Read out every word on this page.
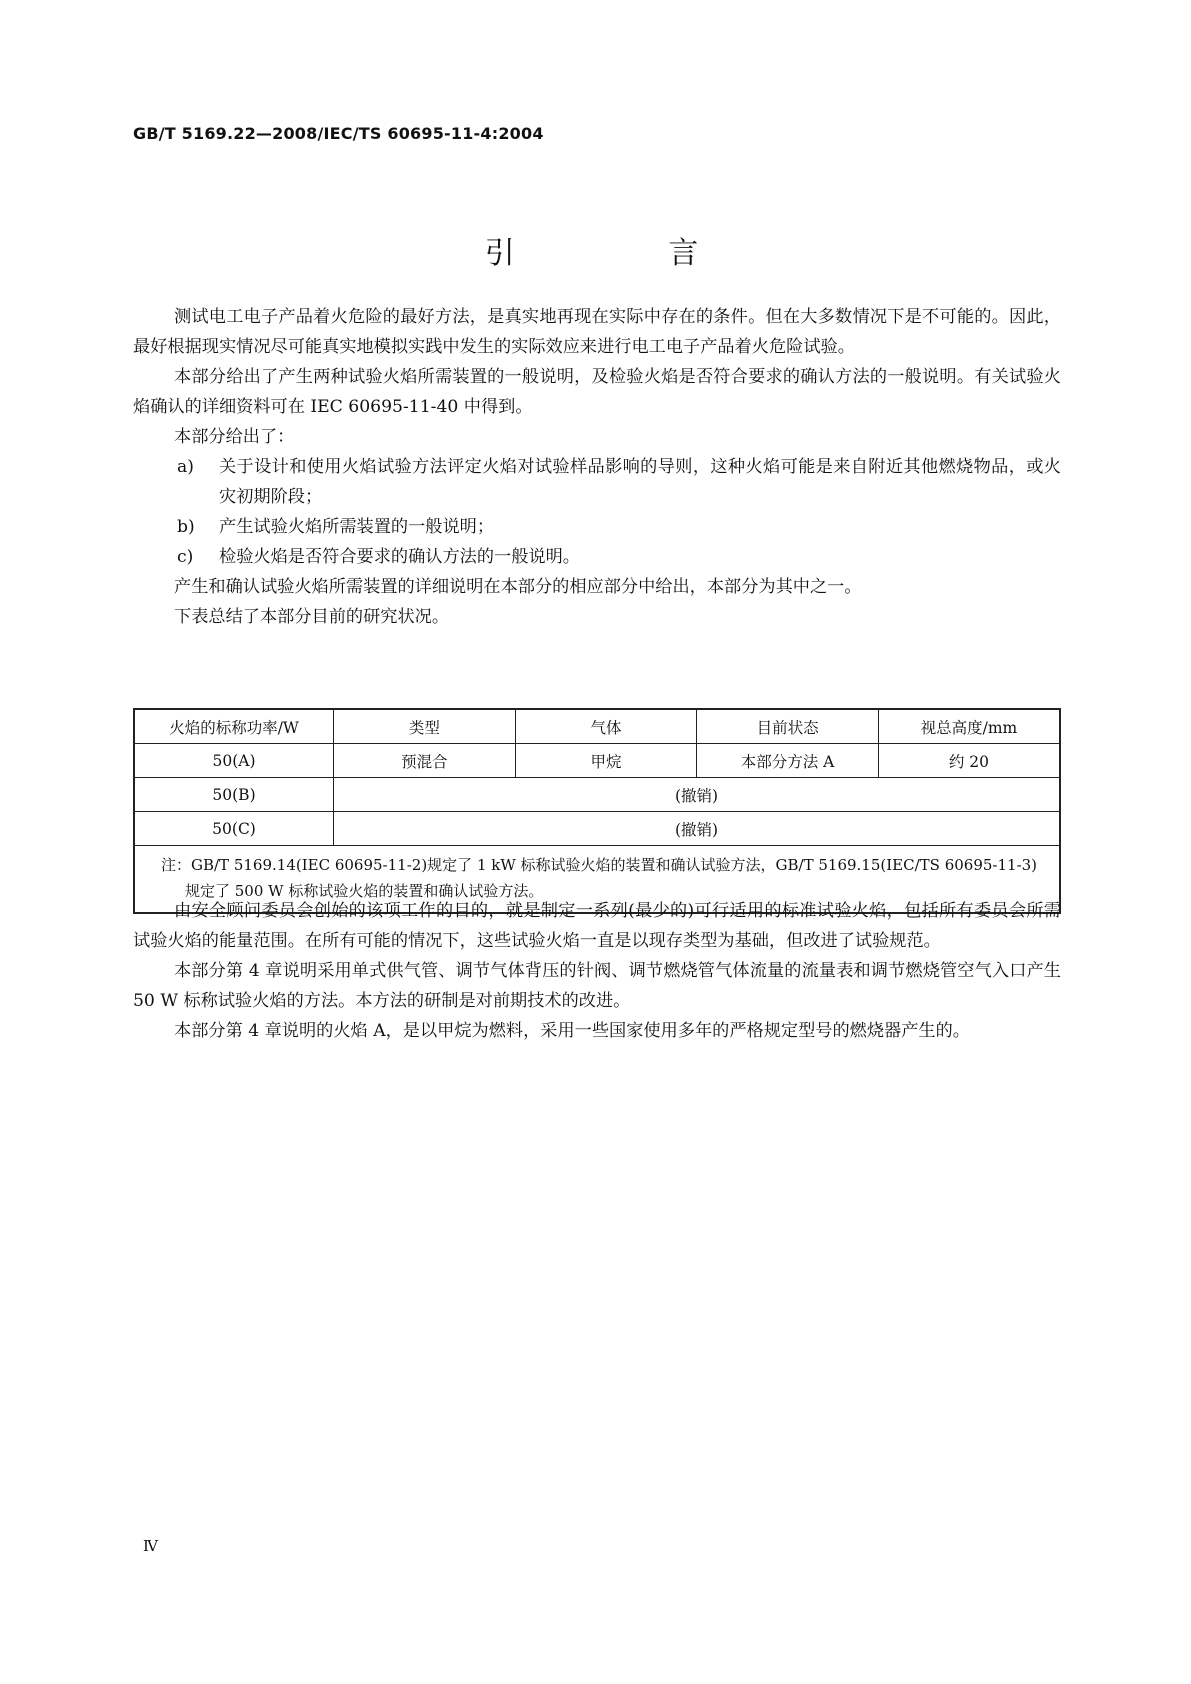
GB/T 5169.22—2008/IEC/TS 60695-11-4:2004
引 言

测试电工电子产品着火危险的最好方法，是真实地再现在实际中存在的条件。但在大多数情况下是不可能的。因此，最好根据现实情况尽可能真实地模拟实践中发生的实际效应来进行电工电子产品着火危险试验。

本部分给出了产生两种试验火焰所需装置的一般说明，及检验火焰是否符合要求的确认方法的一般说明。有关试验火焰确认的详细资料可在 IEC 60695-11-40 中得到。

本部分给出了：

a) 关于设计和使用火焰试验方法评定火焰对试验样品影响的导则，这种火焰可能是来自附近其他燃烧物品，或火灾初期阶段；
b) 产生试验火焰所需装置的一般说明；
c) 检验火焰是否符合要求的确认方法的一般说明。

产生和确认试验火焰所需装置的详细说明在本部分的相应部分中给出，本部分为其中之一。

下表总结了本部分目前的研究状况。

火焰的标称功率/W	类型	气体	目前状态	视总高度/mm
50(A)	预混合	甲烷	本部分方法 A	约 20
50(B)	(撤销)			
50(C)	(撤销)			
注：GB/T 5169.14(IEC 60695-11-2)规定了 1 kW 标称试验火焰的装置和确认试验方法，GB/T 5169.15(IEC/TS 60695-11-3)规定了 500 W 标称试验火焰的装置和确认试验方法。				

由安全顾问委员会创始的该项工作的目的，就是制定一系列(最少的)可行适用的标准试验火焰，包括所有委员会所需试验火焰的能量范围。在所有可能的情况下，这些试验火焰一直是以现存类型为基础，但改进了试验规范。

本部分第 4 章说明采用单式供气管、调节气体背压的针阀、调节燃烧管气体流量的流量表和调节燃烧管空气入口产生 50 W 标称试验火焰的方法。本方法的研制是对前期技术的改进。

本部分第 4 章说明的火焰 A，是以甲烷为燃料，采用一些国家使用多年的严格规定型号的燃烧器产生的。

Ⅳ
